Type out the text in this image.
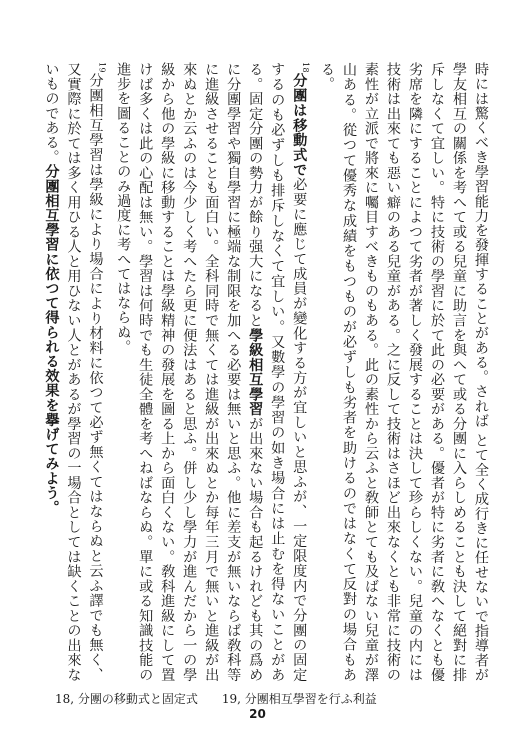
時には驚くべき學習能力を發揮することがある。されば とて全く成行きに任せないで指導者が學友相互の關係を考へて或る兒童に助言を與へて或る分團に入らしめることも決して絕對に排斥しなくて宜しい。特に技術の學習に於て此の必要がある。優者が特に劣者に敎へなくとも優劣席を隣にすることによつて劣者が著しく發展することは決して珍らしくない。兒童の内には技術は出來ても惡い癖のある兒童がある。之に反して技術はさほど出來なくとも非常に技術の素性が立派で將來に囑目すべきものもある。此の素性から云ふと敎師とても及ばない兒童が澤山ある。從つて優秀な成績をもつものが必ずしも劣者を助けるのではなくて反對の場合もある。

$^{18}$分團は移動式で必要に應じて成員が變化する方が宜しいと思ふが、一定限度内で分團の固定するのも必ずしも排斥しなくて宜しい。又數學の學習の如き場合には止むを得ないことがある。固定分團の勢力が餘り强大になると學級相互學習が出來ない場合も起るけれども其の爲めに分團學習や獨自學習に極端な制限を加へる必要は無いと思ふ。他に差支が無いならば敎科等に進級させることも面白い。全科同時で無くては進級が出來ぬとか每年三月で無いと進級が出來ぬとか云ふのは今少しく考へたら更に便法はあると思ふ。併し少し學力が進んだから一の學級から他の學級に移動することは學級精神の發展を圖る上から面白くない。敎科進級にして置けば多くは此の心配は無い。學習は何時でも生徒全體を考へねばならぬ。單に或る知識技能の進步を圖ることのみ過度に考へてはならぬ。

$^{19}$分團相互學習は學級により場合により材料に依つて必ず無くてはならぬと云ふ譯でも無く、又實際に於ては多く用ひる人と用ひない人とがあるが學習の一場合としては缺くことの出來ないものである。分團相互學習に依つて得られる效果を擧げてみよう。

18, 分團の移動式と固定式 19, 分團相互學習を行ふ利益
20
